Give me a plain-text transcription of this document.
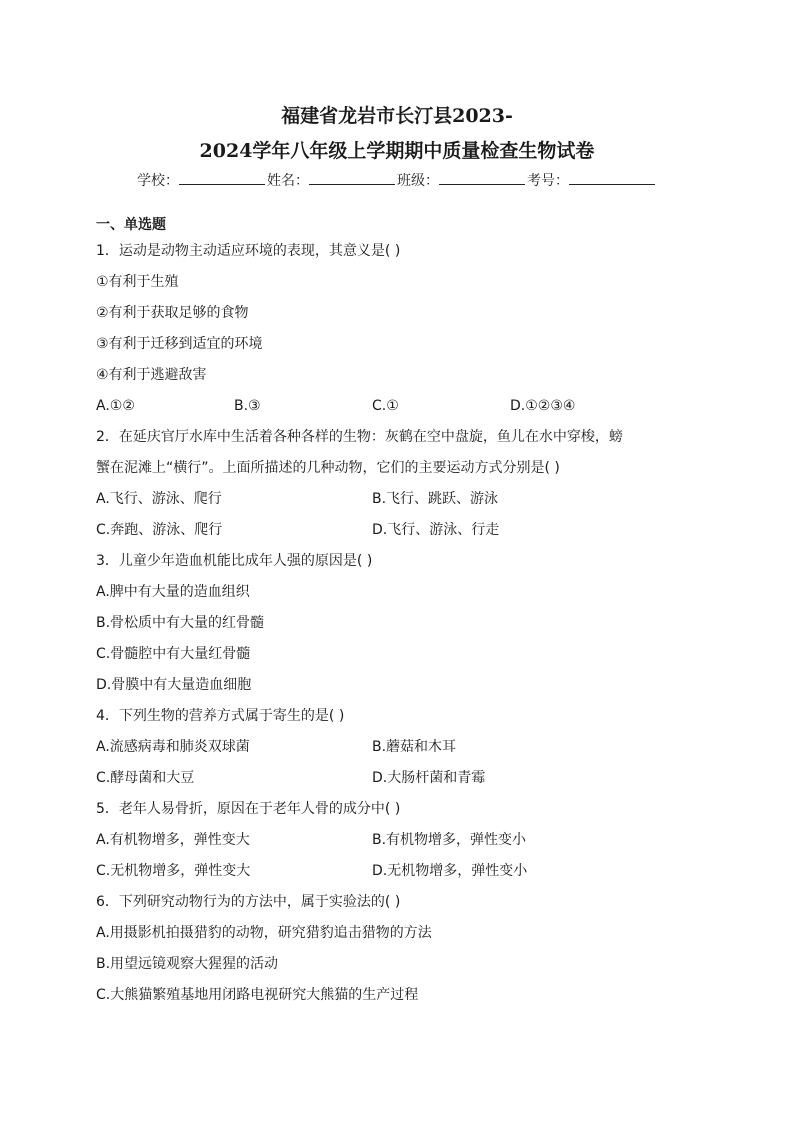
福建省龙岩市长汀县2023-
2024学年八年级上学期期中质量检查生物试卷
学校：	姓名：	班级：	考号：
一、单选题
1．运动是动物主动适应环境的表现，其意义是( )
①有利于生殖
②有利于获取足够的食物
③有利于迁移到适宜的环境
④有利于逃避敌害
A.①②	B.③	C.①	D.①②③④
2．在延庆官厅水库中生活着各种各样的生物：灰鹤在空中盘旋，鱼儿在水中穿梭，螃
蟹在泥滩上“横行”。上面所描述的几种动物，它们的主要运动方式分别是( )
A.飞行、游泳、爬行	B.飞行、跳跃、游泳
C.奔跑、游泳、爬行	D.飞行、游泳、行走
3．儿童少年造血机能比成年人强的原因是( )
A.脾中有大量的造血组织
B.骨松质中有大量的红骨髓
C.骨髓腔中有大量红骨髓
D.骨膜中有大量造血细胞
4．下列生物的营养方式属于寄生的是( )
A.流感病毒和肺炎双球菌	B.蘑菇和木耳
C.酵母菌和大豆	D.大肠杆菌和青霉
5．老年人易骨折，原因在于老年人骨的成分中( )
A.有机物增多，弹性变大	B.有机物增多，弹性变小
C.无机物增多，弹性变大	D.无机物增多，弹性变小
6．下列研究动物行为的方法中，属于实验法的( )
A.用摄影机拍摄猎豹的动物，研究猎豹追击猎物的方法
B.用望远镜观察大猩猩的活动
C.大熊猫繁殖基地用闭路电视研究大熊猫的生产过程
